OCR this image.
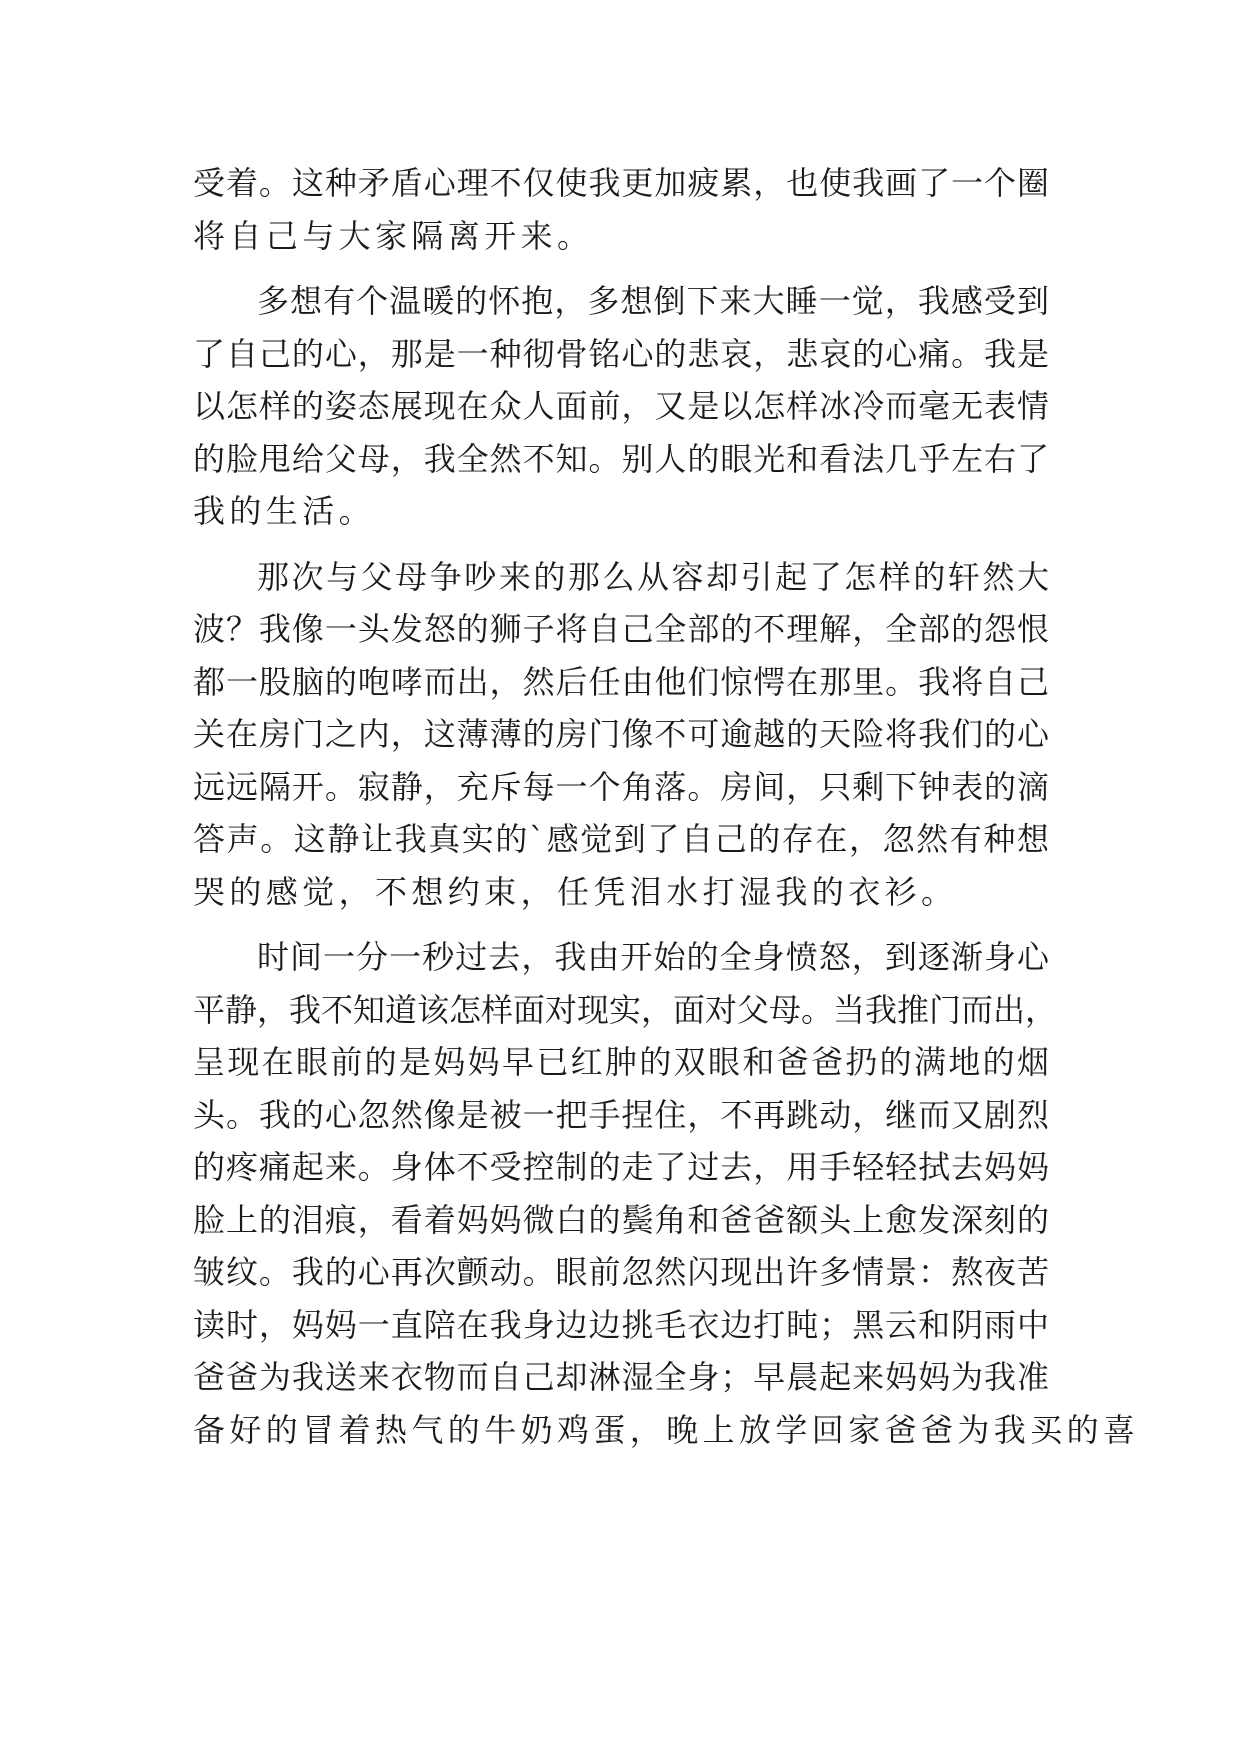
受着。这种矛盾心理不仅使我更加疲累，也使我画了一个圈
将自己与大家隔离开来。
多想有个温暖的怀抱，多想倒下来大睡一觉，我感受到
了自己的心，那是一种彻骨铭心的悲哀，悲哀的心痛。我是
以怎样的姿态展现在众人面前，又是以怎样冰冷而毫无表情
的脸甩给父母，我全然不知。别人的眼光和看法几乎左右了
我的生活。
那次与父母争吵来的那么从容却引起了怎样的轩然大
波？我像一头发怒的狮子将自己全部的不理解，全部的怨恨
都一股脑的咆哮而出，然后任由他们惊愕在那里。我将自己
关在房门之内，这薄薄的房门像不可逾越的天险将我们的心
远远隔开。寂静，充斥每一个角落。房间，只剩下钟表的滴
答声。这静让我真实的`感觉到了自己的存在，忽然有种想
哭的感觉，不想约束，任凭泪水打湿我的衣衫。
时间一分一秒过去，我由开始的全身愤怒，到逐渐身心
平静，我不知道该怎样面对现实，面对父母。当我推门而出，
呈现在眼前的是妈妈早已红肿的双眼和爸爸扔的满地的烟
头。我的心忽然像是被一把手捏住，不再跳动，继而又剧烈
的疼痛起来。身体不受控制的走了过去，用手轻轻拭去妈妈
脸上的泪痕，看着妈妈微白的鬓角和爸爸额头上愈发深刻的
皱纹。我的心再次颤动。眼前忽然闪现出许多情景：熬夜苦
读时，妈妈一直陪在我身边边挑毛衣边打盹；黑云和阴雨中
爸爸为我送来衣物而自己却淋湿全身；早晨起来妈妈为我准
备好的冒着热气的牛奶鸡蛋，晚上放学回家爸爸为我买的喜
